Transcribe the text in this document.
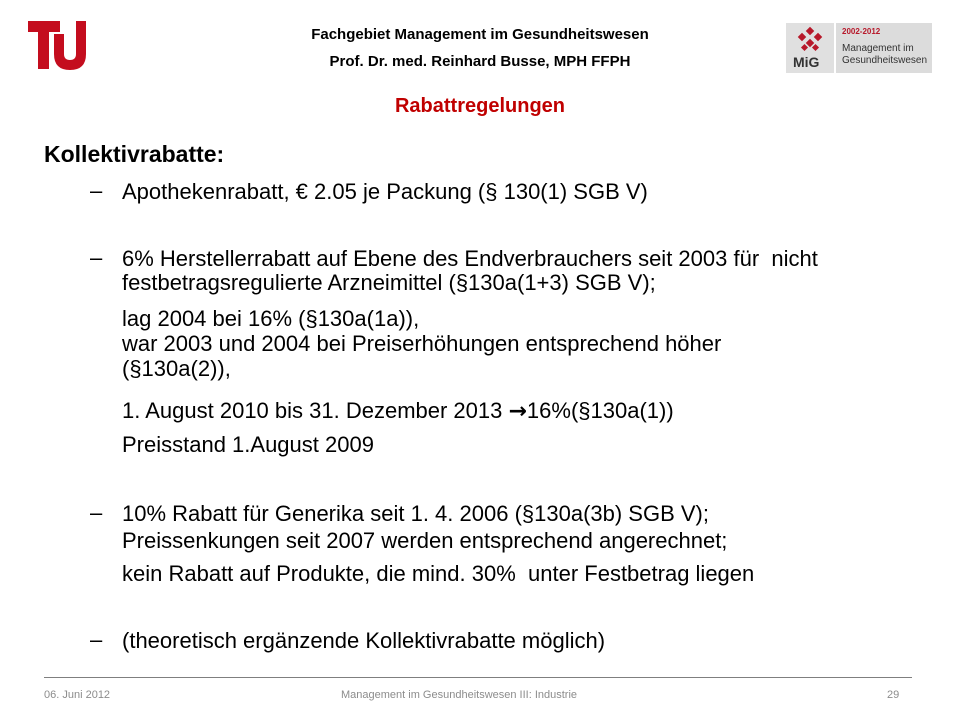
berlin	Fachgebiet Management im Gesundheitswesen
Prof. Dr. med. Reinhard Busse, MPH FFPH	MiG
2002-2012
Management im
Gesundheitswesen
Rabattregelungen
Kollektivrabatte:
– Apothekenrabatt, € 2.05 je Packung (§ 130(1) SGB V)
– 6% Herstellerrabatt auf Ebene des Endverbrauchers seit 2003 für  nicht
festbetragsregulierte Arzneimittel (§130a(1+3) SGB V);
lag 2004 bei 16% (§130a(1a)),
war 2003 und 2004 bei Preiserhöhungen entsprechend höher
(§130a(2)),
1. August 2010 bis 31. Dezember 2013 →16%(§130a(1))
Preisstand 1.August 2009
– 10% Rabatt für Generika seit 1. 4. 2006 (§130a(3b) SGB V);
Preissenkungen seit 2007 werden entsprechend angerechnet;
kein Rabatt auf Produkte, die mind. 30%  unter Festbetrag liegen
– (theoretisch ergänzende Kollektivrabatte möglich)
06. Juni 2012	Management im Gesundheitswesen III: Industrie	29
